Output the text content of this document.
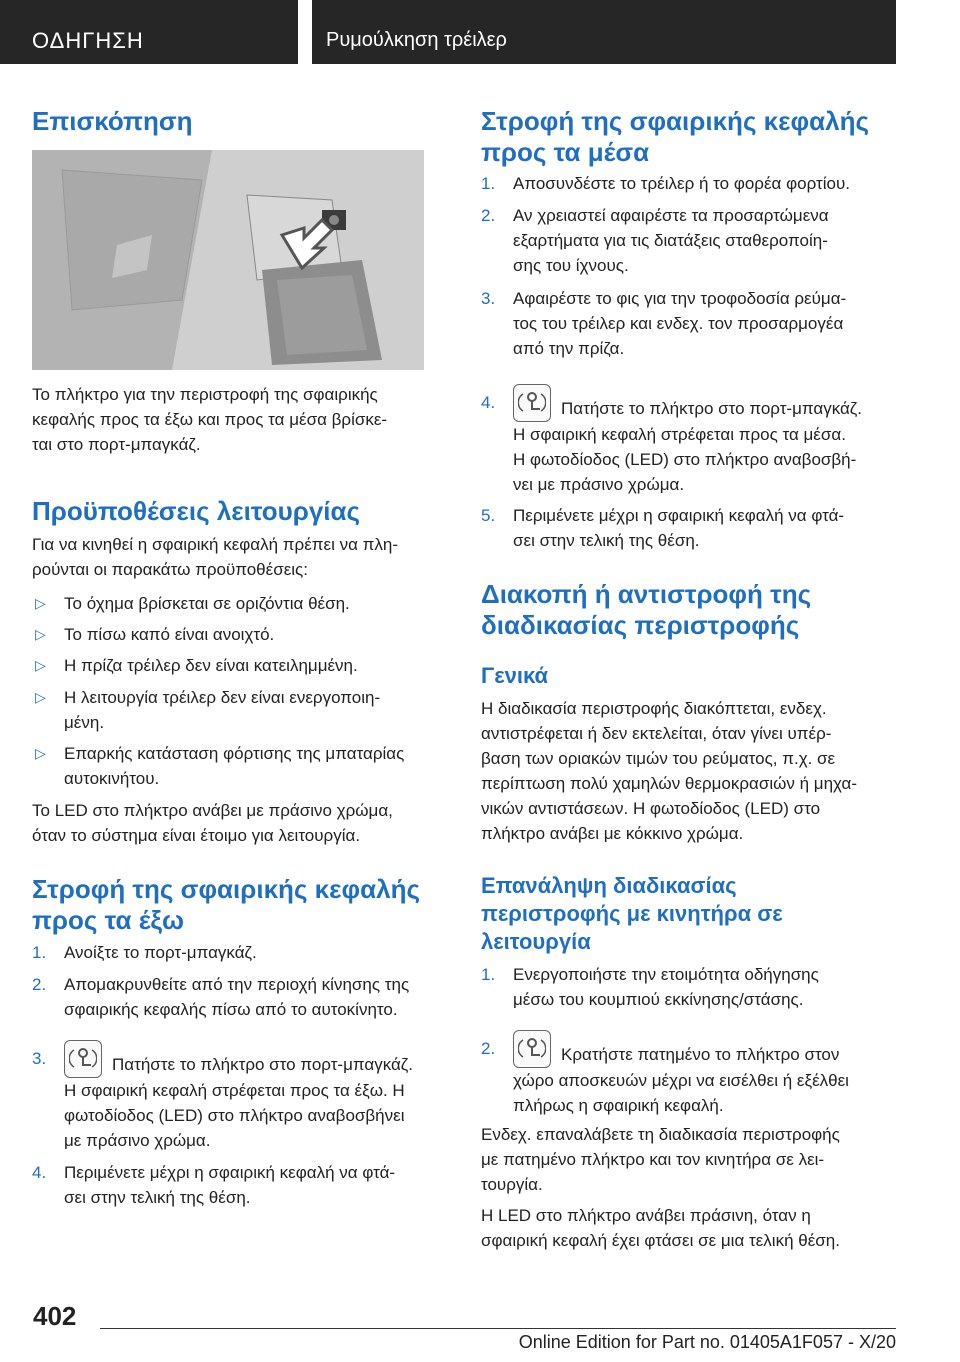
ΟΔΗΓΗΣΗ	Ρυμούλκηση τρέιλερ
Επισκόπηση
Το πλήκτρο για την περιστροφή της σφαιρικής
κεφαλής προς τα έξω και προς τα μέσα βρίσκε-
ται στο πορτ-μπαγκάζ.
Προϋποθέσεις λειτουργίας
Για να κινηθεί η σφαιρική κεφαλή πρέπει να πλη-
ρούνται οι παρακάτω προϋποθέσεις:
▷ Το όχημα βρίσκεται σε οριζόντια θέση.
▷ Το πίσω καπό είναι ανοιχτό.
▷ Η πρίζα τρέιλερ δεν είναι κατειλημμένη.
▷ Η λειτουργία τρέιλερ δεν είναι ενεργοποιη-
μένη.
▷ Επαρκής κατάσταση φόρτισης της μπαταρίας
αυτοκινήτου.
Το LED στο πλήκτρο ανάβει με πράσινο χρώμα,
όταν το σύστημα είναι έτοιμο για λειτουργία.
Στροφή της σφαιρικής κεφαλής
προς τα έξω
1. Ανοίξτε το πορτ-μπαγκάζ.
2. Απομακρυνθείτε από την περιοχή κίνησης της
σφαιρικής κεφαλής πίσω από το αυτοκίνητο.
3.	Πατήστε το πλήκτρο στο πορτ-μπαγκάζ.
Η σφαιρική κεφαλή στρέφεται προς τα έξω. Η
φωτοδίοδος (LED) στο πλήκτρο αναβοσβήνει
με πράσινο χρώμα.
4. Περιμένετε μέχρι η σφαιρική κεφαλή να φτά-
σει στην τελική της θέση.
Στροφή της σφαιρικής κεφαλής
προς τα μέσα
1. Αποσυνδέστε το τρέιλερ ή το φορέα φορτίου.
2. Αν χρειαστεί αφαιρέστε τα προσαρτώμενα
εξαρτήματα για τις διατάξεις σταθεροποίη-
σης του ίχνους.
3. Αφαιρέστε το φις για την τροφοδοσία ρεύμα-
τος του τρέιλερ και ενδεχ. τον προσαρμογέα
από την πρίζα.
4.	Πατήστε το πλήκτρο στο πορτ-μπαγκάζ.
Η σφαιρική κεφαλή στρέφεται προς τα μέσα.
Η φωτοδίοδος (LED) στο πλήκτρο αναβοσβή-
νει με πράσινο χρώμα.
5. Περιμένετε μέχρι η σφαιρική κεφαλή να φτά-
σει στην τελική της θέση.
Διακοπή ή αντιστροφή της
διαδικασίας περιστροφής
Γενικά
Η διαδικασία περιστροφής διακόπτεται, ενδεχ.
αντιστρέφεται ή δεν εκτελείται, όταν γίνει υπέρ-
βαση των οριακών τιμών του ρεύματος, π.χ. σε
περίπτωση πολύ χαμηλών θερμοκρασιών ή μηχα-
νικών αντιστάσεων. Η φωτοδίοδος (LED) στο
πλήκτρο ανάβει με κόκκινο χρώμα.
Επανάληψη διαδικασίας
περιστροφής με κινητήρα σε
λειτουργία
1. Ενεργοποιήστε την ετοιμότητα οδήγησης
μέσω του κουμπιού εκκίνησης/στάσης.
2.	Κρατήστε πατημένο το πλήκτρο στον
χώρο αποσκευών μέχρι να εισέλθει ή εξέλθει
πλήρως η σφαιρική κεφαλή.
Ενδεχ. επαναλάβετε τη διαδικασία περιστροφής
με πατημένο πλήκτρο και τον κινητήρα σε λει-
τουργία.
Η LED στο πλήκτρο ανάβει πράσινη, όταν η
σφαιρική κεφαλή έχει φτάσει σε μια τελική θέση.
402
Online Edition for Part no. 01405A1F057 - X/20
